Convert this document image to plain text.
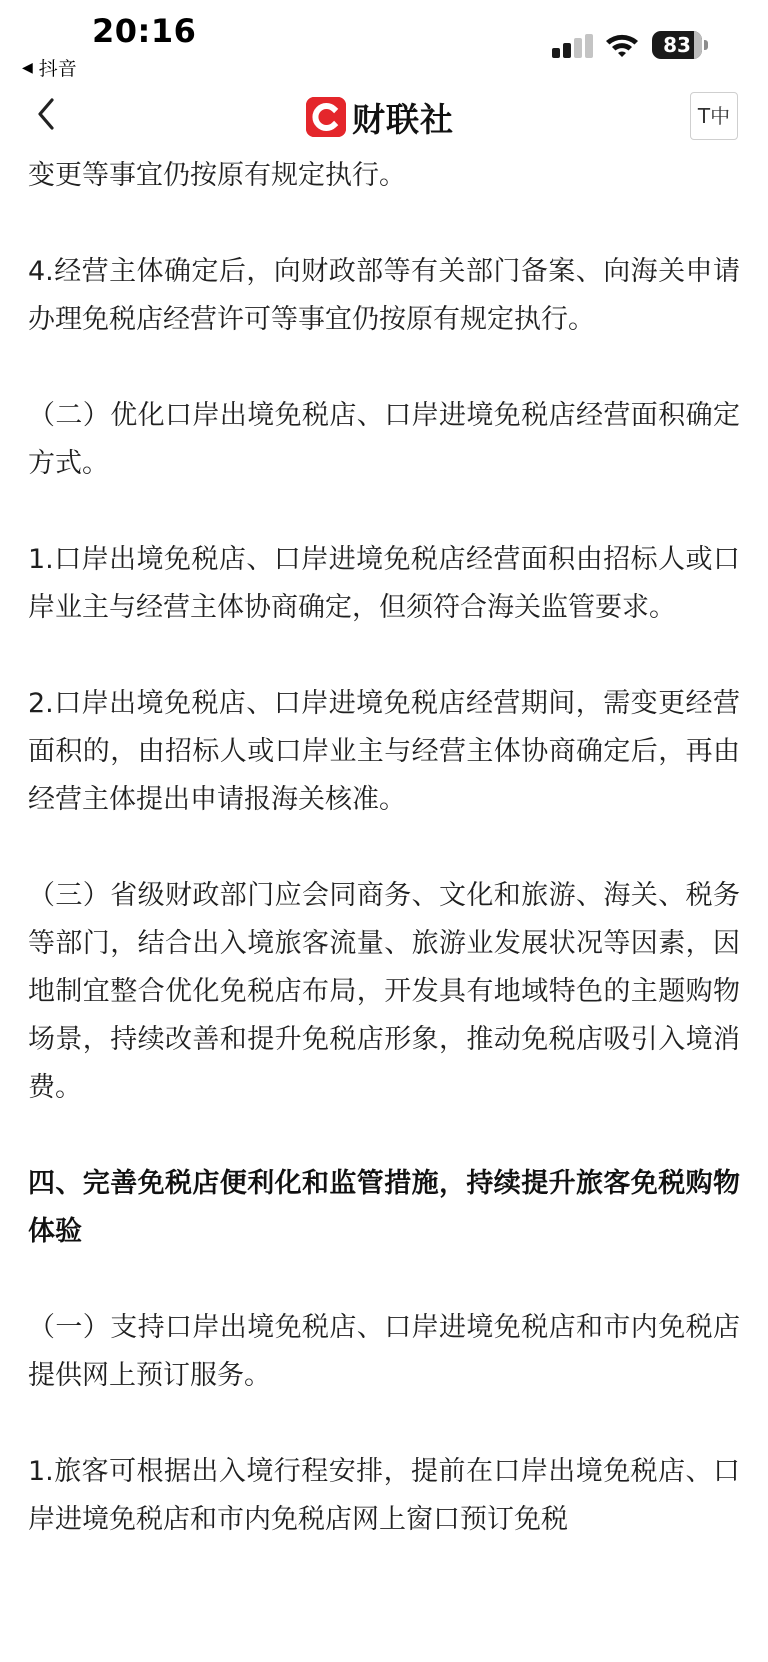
20:16
◀ 抖音
83
财联社	T中

变更等事宜仍按原有规定执行。

4.经营主体确定后，向财政部等有关部门备案、向海关申请办理免税店经营许可等事宜仍按原有规定执行。

（二）优化口岸出境免税店、口岸进境免税店经营面积确定方式。

1.口岸出境免税店、口岸进境免税店经营面积由招标人或口岸业主与经营主体协商确定，但须符合海关监管要求。

2.口岸出境免税店、口岸进境免税店经营期间，需变更经营面积的，由招标人或口岸业主与经营主体协商确定后，再由经营主体提出申请报海关核准。

（三）省级财政部门应会同商务、文化和旅游、海关、税务等部门，结合出入境旅客流量、旅游业发展状况等因素，因地制宜整合优化免税店布局，开发具有地域特色的主题购物场景，持续改善和提升免税店形象，推动免税店吸引入境消费。

四、完善免税店便利化和监管措施，持续提升旅客免税购物体验

（一）支持口岸出境免税店、口岸进境免税店和市内免税店提供网上预订服务。

1.旅客可根据出入境行程安排，提前在口岸出境免税店、口岸进境免税店和市内免税店网上窗口预订免税
